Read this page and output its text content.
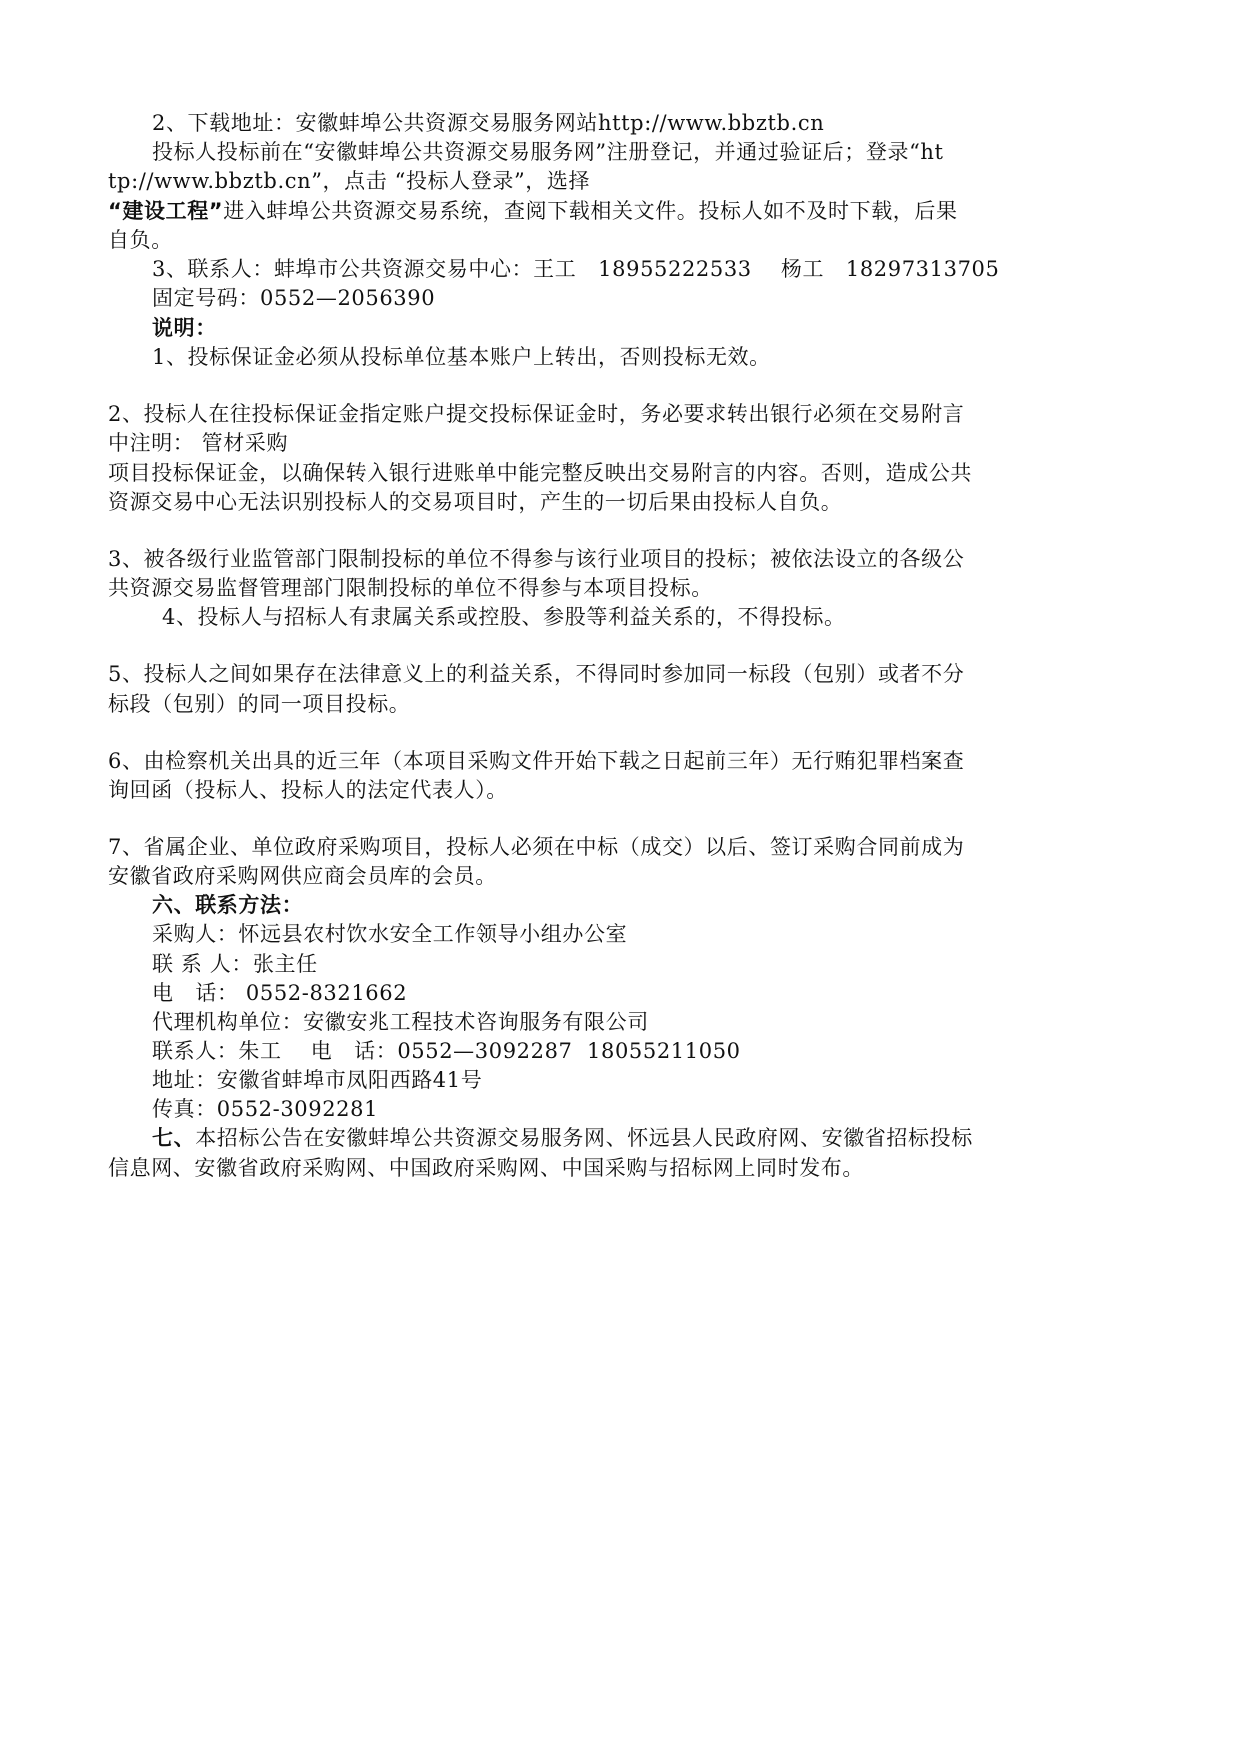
2、下载地址：安徽蚌埠公共资源交易服务网站http://www.bbztb.cn
投标人投标前在“安徽蚌埠公共资源交易服务网”注册登记，并通过验证后；登录“ht
tp://www.bbztb.cn”，点击 “投标人登录”，选择
“建设工程”进入蚌埠公共资源交易系统，查阅下载相关文件。投标人如不及时下载，后果
自负。
3、联系人：蚌埠市公共资源交易中心：王工   18955222533    杨工   18297313705
固定号码：0552—2056390
说明：
1、投标保证金必须从投标单位基本账户上转出，否则投标无效。
2、投标人在往投标保证金指定账户提交投标保证金时，务必要求转出银行必须在交易附言
中注明： 管材采购
项目投标保证金，以确保转入银行进账单中能完整反映出交易附言的内容。否则，造成公共
资源交易中心无法识别投标人的交易项目时，产生的一切后果由投标人自负。
3、被各级行业监管部门限制投标的单位不得参与该行业项目的投标；被依法设立的各级公
共资源交易监督管理部门限制投标的单位不得参与本项目投标。
4、投标人与招标人有隶属关系或控股、参股等利益关系的，不得投标。
5、投标人之间如果存在法律意义上的利益关系，不得同时参加同一标段（包别）或者不分
标段（包别）的同一项目投标。
6、由检察机关出具的近三年（本项目采购文件开始下载之日起前三年）无行贿犯罪档案查
询回函（投标人、投标人的法定代表人）。
7、省属企业、单位政府采购项目，投标人必须在中标（成交）以后、签订采购合同前成为
安徽省政府采购网供应商会员库的会员。
六、联系方法：
采购人：怀远县农村饮水安全工作领导小组办公室
联 系 人：张主任
电   话： 0552-8321662
代理机构单位：安徽安兆工程技术咨询服务有限公司
联系人：朱工    电   话：0552—3092287  18055211050
地址：安徽省蚌埠市凤阳西路41号
传真：0552-3092281
七、本招标公告在安徽蚌埠公共资源交易服务网、怀远县人民政府网、安徽省招标投标
信息网、安徽省政府采购网、中国政府采购网、中国采购与招标网上同时发布。
